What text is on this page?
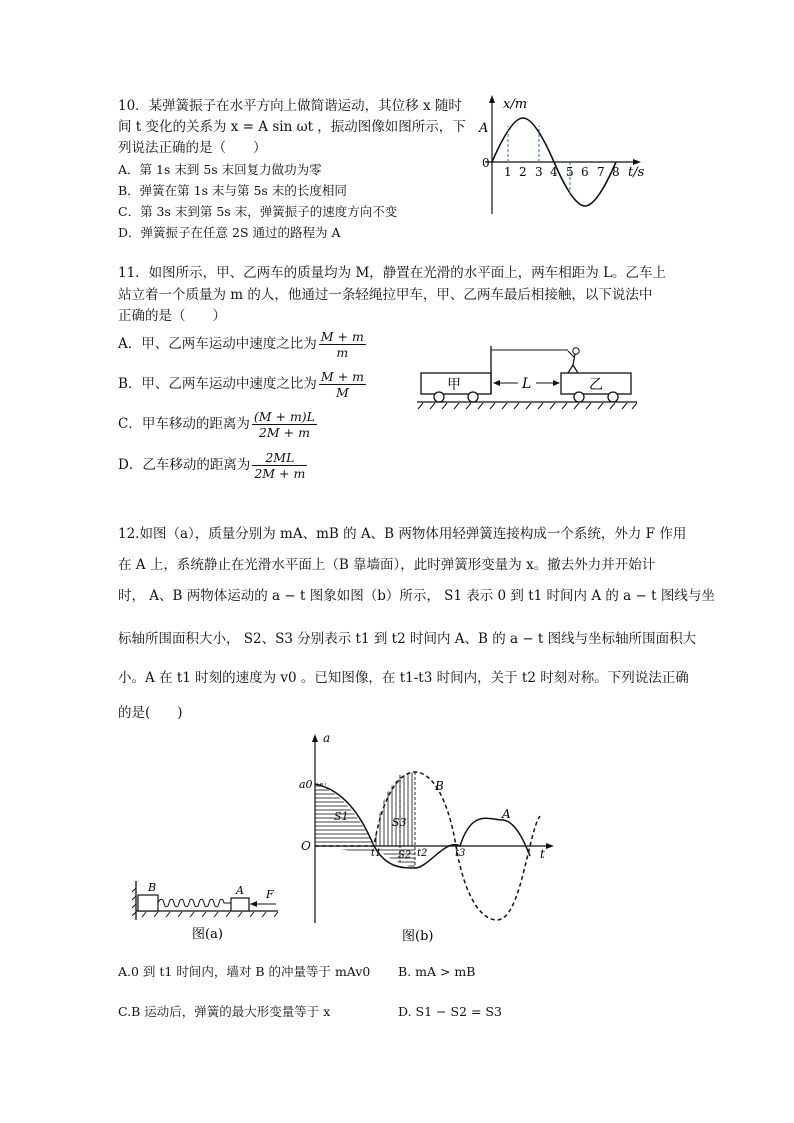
10．某弹簧振子在水平方向上做简谐运动，其位移 x 随时
间 t 变化的关系为 x = A sin ωt ，振动图像如图所示，下
列说法正确的是（　　）
A．第 1s 末到 5s 末回复力做功为零
B．弹簧在第 1s 末与第 5s 末的长度相同
C．第 3s 末到第 5s 末，弹簧振子的速度方向不变
D．弹簧振子在任意 2S 通过的路程为 A
x/m
A
0
1 2 3 4 5 6 7 8 t/s
11．如图所示，甲、乙两车的质量均为 M，静置在光滑的水平面上，两车相距为 L。乙车上
站立着一个质量为 m 的人，他通过一条轻绳拉甲车，甲、乙两车最后相接触，以下说法中
正确的是（　　）
A．甲、乙两车运动中速度之比为 $\frac{M + m}{m}$
B．甲、乙两车运动中速度之比为 $\frac{M + m}{M}$
C．甲车移动的距离为 $\frac{(M + m)L}{2M + m}$
D．乙车移动的距离为 $\frac{2ML}{2M + m}$
甲	乙
L
12.如图（a），质量分别为 mA、mB 的 A、B 两物体用轻弹簧连接构成一个系统，外力 F 作用
在 A 上，系统静止在光滑水平面上（B 靠墙面），此时弹簧形变量为 x。撤去外力并开始计
时， A、B 两物体运动的 a − t 图象如图（b）所示， S1 表示 0 到 t1 时间内 A 的 a − t 图线与坐
标轴所围面积大小， S2、S3 分别表示 t1 到 t2 时间内 A、B 的 a − t 图线与坐标轴所围面积大
小。A 在 t1 时刻的速度为 v0 。已知图像，在 t1-t3 时间内，关于 t2 时刻对称。下列说法正确
的是(　　)
B	A F
图(a)
a
a0
O
S1	S3
S2
t1	t2	t3
B
A
t
图(b)
A.0 到 t1 时间内，墙对 B 的冲量等于 mAv0 B. mA > mB
C.B 运动后，弹簧的最大形变量等于 x	D. S1 − S2 = S3
